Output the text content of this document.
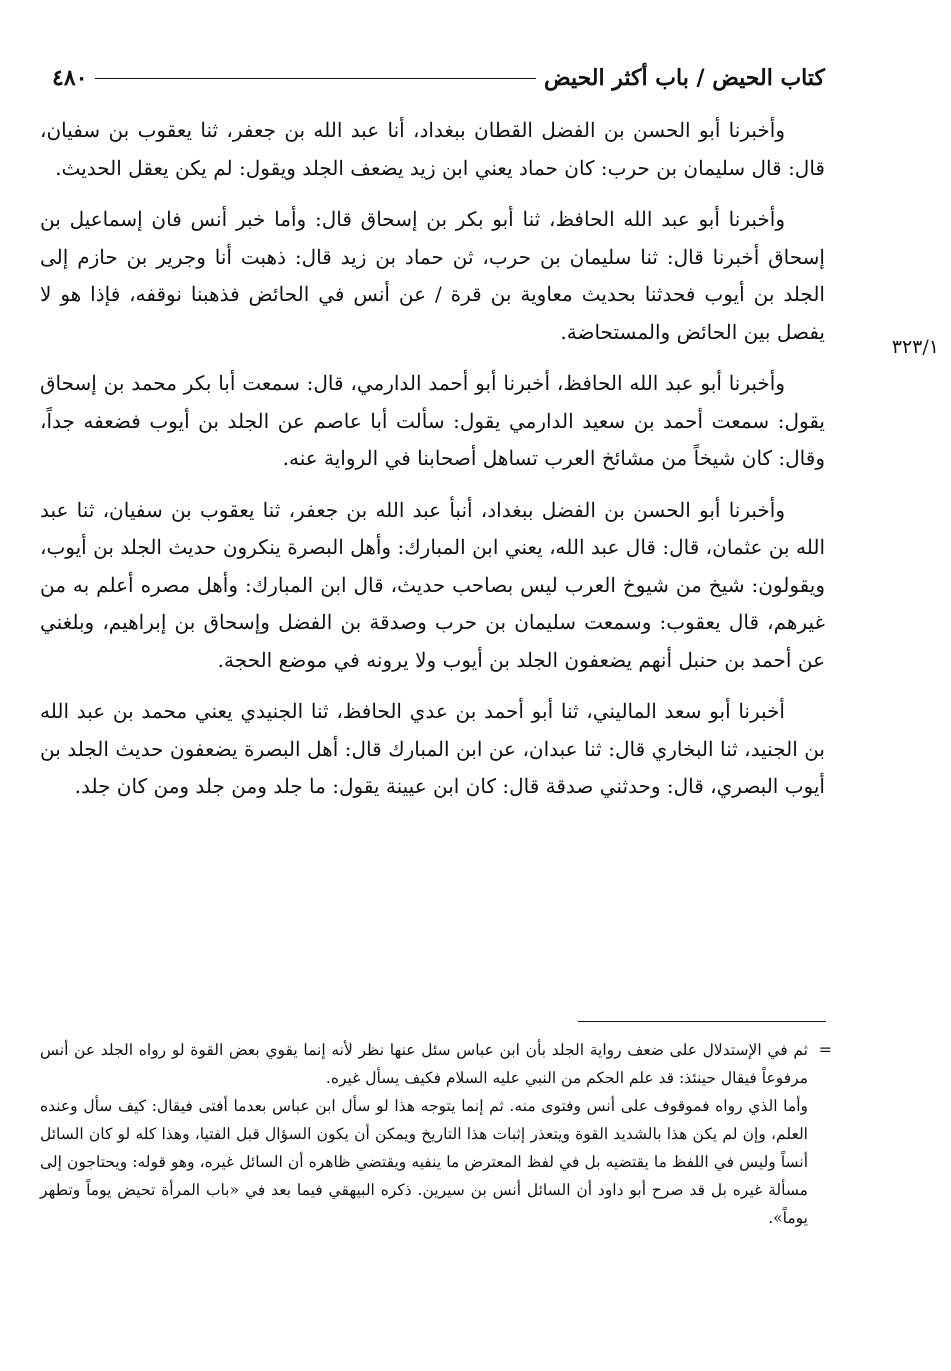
كتاب الحيض / باب أكثر الحيض
٤٨٠
٣٢٣/١

وأخبرنا أبو الحسن بن الفضل القطان ببغداد، أنا عبد الله بن جعفر، ثنا يعقوب بن سفيان، قال: قال سليمان بن حرب: كان حماد يعني ابن زيد يضعف الجلد ويقول: لم يكن يعقل الحديث.

وأخبرنا أبو عبد الله الحافظ، ثنا أبو بكر بن إسحاق قال: وأما خبر أنس فان إسماعيل بن إسحاق أخبرنا قال: ثنا سليمان بن حرب، ثن حماد بن زيد قال: ذهبت أنا وجرير بن حازم إلى الجلد بن أيوب فحدثنا بحديث معاوية بن قرة / عن أنس في الحائض فذهبنا نوقفه، فإذا هو لا يفصل بين الحائض والمستحاضة.

وأخبرنا أبو عبد الله الحافظ، أخبرنا أبو أحمد الدارمي، قال: سمعت أبا بكر محمد بن إسحاق يقول: سمعت أحمد بن سعيد الدارمي يقول: سألت أبا عاصم عن الجلد بن أيوب فضعفه جداً، وقال: كان شيخاً من مشائخ العرب تساهل أصحابنا في الرواية عنه.

وأخبرنا أبو الحسن بن الفضل ببغداد، أنبأ عبد الله بن جعفر، ثنا يعقوب بن سفيان، ثنا عبد الله بن عثمان، قال: قال عبد الله، يعني ابن المبارك: وأهل البصرة ينكرون حديث الجلد بن أيوب، ويقولون: شيخ من شيوخ العرب ليس بصاحب حديث، قال ابن المبارك: وأهل مصره أعلم به من غيرهم، قال يعقوب: وسمعت سليمان بن حرب وصدقة بن الفضل وإسحاق بن إبراهيم، وبلغني عن أحمد بن حنبل أنهم يضعفون الجلد بن أيوب ولا يرونه في موضع الحجة.

أخبرنا أبو سعد الماليني، ثنا أبو أحمد بن عدي الحافظ، ثنا الجنيدي يعني محمد بن عبد الله بن الجنيد، ثنا البخاري قال: ثنا عبدان، عن ابن المبارك قال: أهل البصرة يضعفون حديث الجلد بن أيوب البصري، قال: وحدثني صدقة قال: كان ابن عيينة يقول: ما جلد ومن جلد ومن كان جلد.

=

ثم في الإستدلال على ضعف رواية الجلد بأن ابن عباس سئل عنها نظر لأنه إنما يقوي بعض القوة لو رواه الجلد عن أنس مرفوعاً فيقال حينئذ: قد علم الحكم من النبي عليه السلام فكيف يسأل غيره.

وأما الذي رواه فموقوف على أنس وفتوى منه. ثم إنما يتوجه هذا لو سأل ابن عباس بعدما أفتى فيقال: كيف سأل وعنده العلم، وإن لم يكن هذا بالشديد القوة ويتعذر إثبات هذا التاريخ ويمكن أن يكون السؤال قبل الفتيا، وهذا كله لو كان السائل أنساً وليس في اللفظ ما يقتضيه بل في لفظ المعترض ما ينفيه ويقتضي ظاهره أن السائل غيره، وهو قوله: ويحتاجون إلى مسألة غيره بل قد صرح أبو داود أن السائل أنس بن سيرين. ذكره البيهقي فيما بعد في «باب المرأة تحيض يوماً وتطهر يوماً».
